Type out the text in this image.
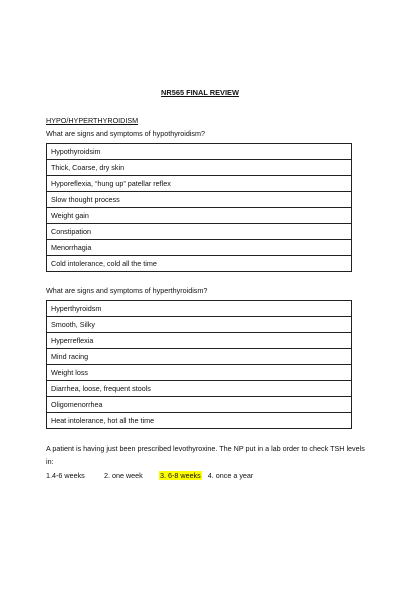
NR565 FINAL REVIEW
HYPO/HYPERTHYROIDISM
What are signs and symptoms of hypothyroidism?
Hypothyroidsim
Thick, Coarse, dry skin
Hyporeflexia, “hung up” patellar reflex
Slow thought process
Weight gain
Constipation
Menorrhagia
Cold intolerance, cold all the time
What are signs and symptoms of hyperthyroidism?
Hyperthyroidsm
Smooth, Silky
Hyperreflexia
Mind racing
Weight loss
Diarrhea, loose, frequent stools
Oligomenorrhea
Heat intolerance, hot all the time
A patient is having just been prescribed levothyroxine. The NP put in a lab order to check TSH levels in:
1.4-6 weeks	2. one week 3. 6-8 weeks 4. once a year
